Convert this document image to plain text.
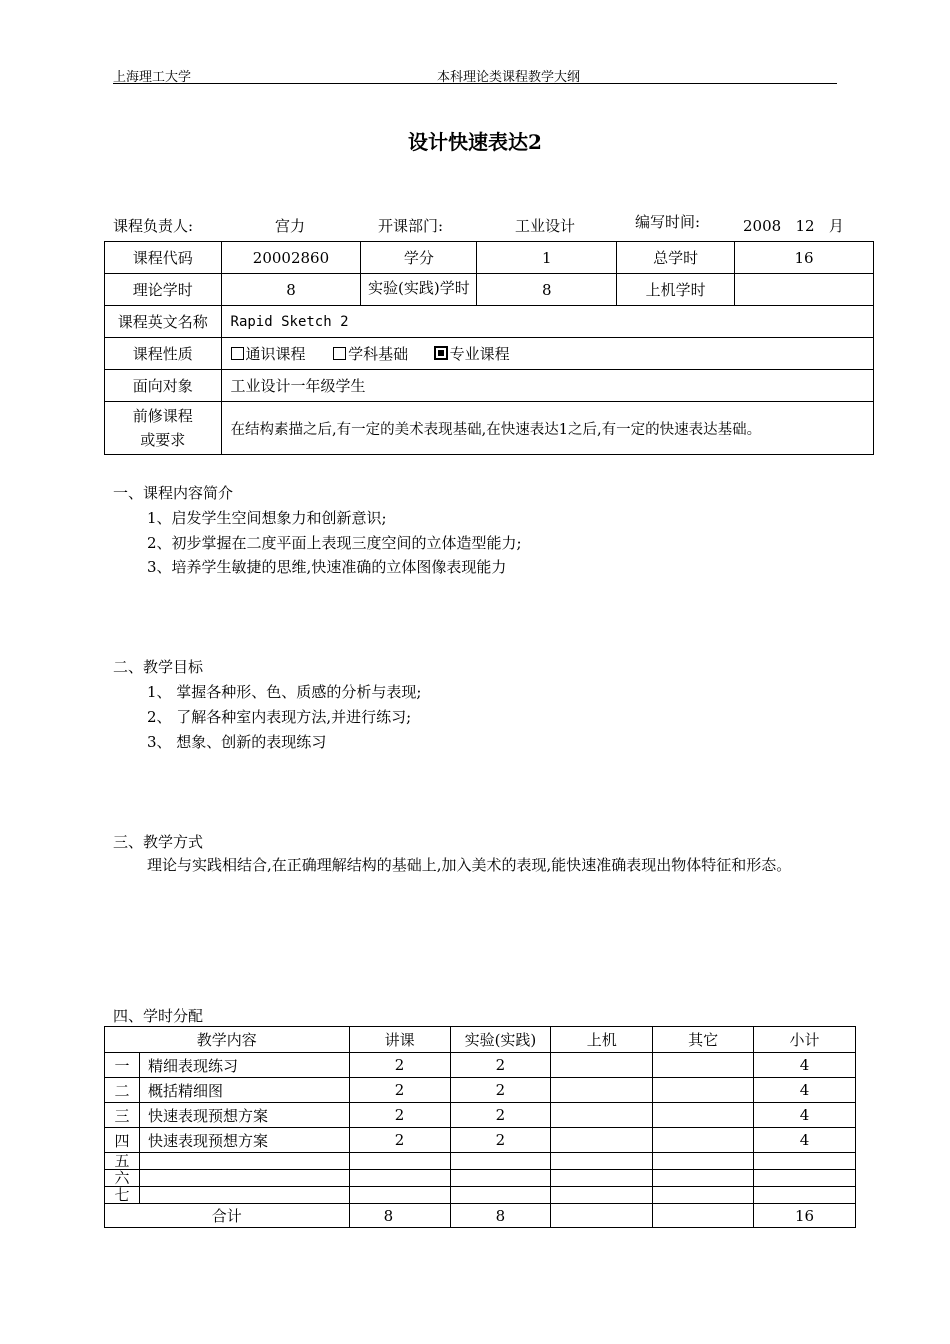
上海理工大学	本科理论类课程教学大纲
设计快速表达2
课程负责人:	宫力	开课部门:	工业设计	编写时间:	2008   12   月
课程代码	20002860	学分	1	总学时	16
理论学时	8	实验(实践)学时	8	上机学时	
课程英文名称	Rapid Sketch 2				
课程性质	通识课程 学科基础 专业课程				
面向对象	工业设计一年级学生				

前修课程
或要求	在结构素描之后,有一定的美术表现基础,在快速表达1之后,有一定的快速表达基础。				
一、课程内容简介
1、启发学生空间想象力和创新意识;
2、初步掌握在二度平面上表现三度空间的立体造型能力;
3、培养学生敏捷的思维,快速准确的立体图像表现能力
二、教学目标
1、 掌握各种形、色、质感的分析与表现;
2、 了解各种室内表现方法,并进行练习;
3、 想象、创新的表现练习
三、教学方式
理论与实践相结合,在正确理解结构的基础上,加入美术的表现,能快速准确表现出物体特征和形态。
四、学时分配
教学内容		讲课	实验(实践)	上机	其它	小计
一	精细表现练习	2	2			4
二	概括精细图	2	2			4
三	快速表现预想方案	2	2			4
四	快速表现预想方案	2	2			4
五						
六						
七						
合计		8	8			16
